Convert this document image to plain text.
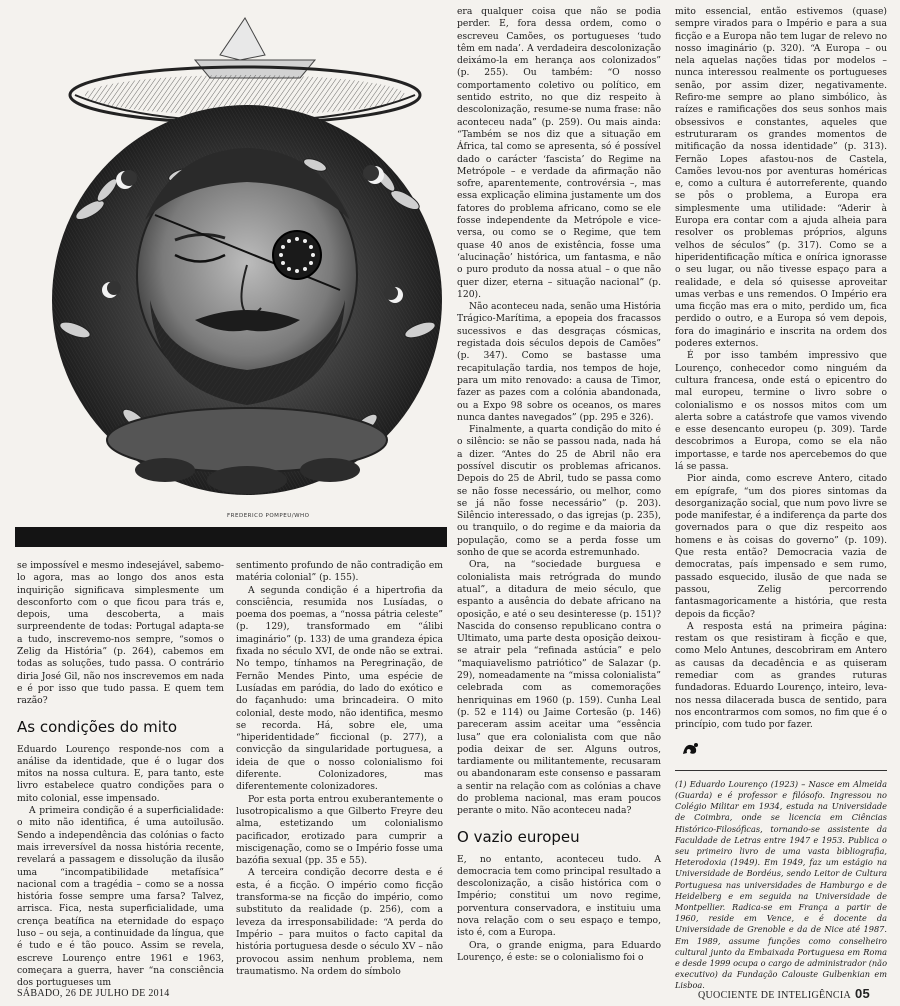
FREDERICO POMPEU/WHO

se impossível e mesmo indesejável, sabemo-lo agora, mas ao longo dos anos esta inquirição significava simplesmente um desconforto com o que ficou para trás e, depois, uma descoberta, a mais surpreendente de todas: Portugal adapta-se a tudo, inscrevemo-nos sempre, “somos o Zelig da História” (p. 264), cabemos em todas as soluções, tudo passa. O contrário diria José Gil, não nos inscrevemos em nada e é por isso que tudo passa. E quem tem razão?

As condições do mito

Eduardo Lourenço responde-nos com a análise da identidade, que é o lugar dos mitos na nossa cultura. E, para tanto, este livro estabelece quatro condições para o mito colonial, esse impensado.

A primeira condição é a superficialidade: o mito não identifica, é uma autoilusão. Sendo a independência das colónias o facto mais irreversível da nossa história recente, revelará a passagem e dissolução da ilusão uma “incompatibilidade metafísica” nacional com a tragédia – como se a nossa história fosse sempre uma farsa? Talvez, arrisca. Fica, nesta superficialidade, uma crença beatífica na eternidade do espaço luso – ou seja, a continuidade da língua, que é tudo e é tão pouco. Assim se revela, escreve Lourenço entre 1961 e 1963, começara a guerra, haver “na consciência dos portugueses um

sentimento profundo de não contradição em matéria colonial” (p. 155).

A segunda condição é a hipertrofia da consciência, resumida nos Lusíadas, o poema dos poemas, a “nossa pátria celeste” (p. 129), transformado em “álibi imaginário” (p. 133) de uma grandeza épica fixada no século XVI, de onde não se extrai. No tempo, tínhamos na Peregrinação, de Fernão Mendes Pinto, uma espécie de Lusíadas em paródia, do lado do exótico e do façanhudo: uma brincadeira. O mito colonial, deste modo, não identifica, mesmo se recorda. Há, sobre ele, uma “hiperidentidade” ficcional (p. 277), a convicção da singularidade portuguesa, a ideia de que o nosso colonialismo foi diferente. Colonizadores, mas diferentemente colonizadores.

Por esta porta entrou exuberantemente o lusotropicalismo a que Gilberto Freyre deu alma, estetizando um colonialismo pacificador, erotizado para cumprir a miscigenação, como se o Império fosse uma bazófia sexual (pp. 35 e 55).

A terceira condição decorre desta e é esta, é a ficção. O império como ficção transforma-se na ficção do império, como substituto da realidade (p. 256), com a leveza da irresponsabilidade: “A perda do Império – para muitos o facto capital da história portuguesa desde o século XV – não provocou assim nenhum problema, nem traumatismo. Na ordem do símbolo

era qualquer coisa que não se podia perder. E, fora dessa ordem, como o escreveu Camões, os portugueses ‘tudo têm em nada’. A verdadeira descolonização deixámo-la em herança aos colonizados” (p. 255). Ou também: “O nosso comportamento coletivo ou político, em sentido estrito, no que diz respeito à descolonização, resume-se numa frase: não aconteceu nada” (p. 259). Ou mais ainda: “Também se nos diz que a situação em África, tal como se apresenta, só é possível dado o carácter ‘fascista’ do Regime na Metrópole – e verdade da afirmação não sofre, aparentemente, controvérsia –, mas essa explicação elimina justamente um dos fatores do problema africano, como se ele fosse independente da Metrópole e vice-versa, ou como se o Regime, que tem quase 40 anos de existência, fosse uma ‘alucinação’ histórica, um fantasma, e não o puro produto da nossa atual – o que não quer dizer, eterna – situação nacional” (p. 120).

Não aconteceu nada, senão uma História Trágico-Marítima, a epopeia dos fracassos sucessivos e das desgraças cósmicas, registada dois séculos depois de Camões” (p. 347). Como se bastasse uma recapitulação tardia, nos tempos de hoje, para um mito renovado: a causa de Timor, fazer as pazes com a colónia abandonada, ou a Expo 98 sobre os oceanos, os mares nunca dantes navegados” (pp. 295 e 326).

Finalmente, a quarta condição do mito é o silêncio: se não se passou nada, nada há a dizer. “Antes do 25 de Abril não era possível discutir os problemas africanos. Depois do 25 de Abril, tudo se passa como se não fosse necessário, ou melhor, como se já não fosse necessário” (p. 203). Silêncio interessado, o das igrejas (p. 235), ou tranquilo, o do regime e da maioria da população, como se a perda fosse um sonho de que se acorda estremunhado.

Ora, na “sociedade burguesa e colonialista mais retrógrada do mundo atual”, a ditadura de meio século, que espanto a ausência do debate africano na oposição, e até o seu desinteresse (p. 151)? Nascida do consenso republicano contra o Ultimato, uma parte desta oposição deixou-se atrair pela “refinada astúcia” e pelo “maquiavelismo patriótico” de Salazar (p. 29), nomeadamente na “missa colonialista” celebrada com as comemorações henriquinas em 1960 (p. 159). Cunha Leal (p. 52 e 114) ou Jaime Cortesão (p. 146) pareceram assim aceitar uma “essência lusa” que era colonialista com que não podia deixar de ser. Alguns outros, tardiamente ou militantemente, recusaram ou abandonaram este consenso e passaram a sentir na relação com as colónias a chave do problema nacional, mas eram poucos perante o mito. Não aconteceu nada?

O vazio europeu

E, no entanto, aconteceu tudo. A democracia tem como principal resultado a descolonização, a cisão histórica com o Império; constitui um novo regime, porventura conservadora, e instituiu uma nova relação com o seu espaço e tempo, isto é, com a Europa.

Ora, o grande enigma, para Eduardo Lourenço, é este: se o colonialismo foi o

mito essencial, então estivemos (quase) sempre virados para o Império e para a sua ficção e a Europa não tem lugar de relevo no nosso imaginário (p. 320). “A Europa – ou nela aquelas nações tidas por modelos – nunca interessou realmente os portugueses senão, por assim dizer, negativamente. Refiro-me sempre ao plano simbólico, às raízes e ramificações dos seus sonhos mais obsessivos e constantes, aqueles que estruturaram os grandes momentos de mitificação da nossa identidade” (p. 313). Fernão Lopes afastou-nos de Castela, Camões levou-nos por aventuras homéricas e, como a cultura é autorreferente, quando se pôs o problema, a Europa era simplesmente uma utilidade: “Aderir à Europa era contar com a ajuda alheia para resolver os problemas próprios, alguns velhos de séculos” (p. 317). Como se a hiperidentificação mítica e onírica ignorasse o seu lugar, ou não tivesse espaço para a realidade, e dela só quisesse aproveitar umas verbas e uns remendos. O Império era uma ficção mas era o mito, perdido um, fica perdido o outro, e a Europa só vem depois, fora do imaginário e inscrita na ordem dos poderes externos.

É por isso também impressivo que Lourenço, conhecedor como ninguém da cultura francesa, onde está o epicentro do mal europeu, termine o livro sobre o colonialismo e os nossos mitos com um alerta sobre a catástrofe que vamos vivendo e esse desencanto europeu (p. 309). Tarde descobrimos a Europa, como se ela não importasse, e tarde nos apercebemos do que lá se passa.

Pior ainda, como escreve Antero, citado em epígrafe, “um dos piores sintomas da desorganização social, que num povo livre se pode manifestar, é a indiferença da parte dos governados para o que diz respeito aos homens e às coisas do governo” (p. 109). Que resta então? Democracia vazia de democratas, país impensado e sem rumo, passado esquecido, ilusão de que nada se passou, Zelig percorrendo fantasmagoricamente a história, que resta depois da ficção?

A resposta está na primeira página: restam os que resistiram à ficção e que, como Melo Antunes, descobriram em Antero as causas da decadência e as quiseram remediar com as grandes ruturas fundadoras. Eduardo Lourenço, inteiro, leva-nos nessa dilacerada busca de sentido, para nos encontrarmos com somos, no fim que é o princípio, com tudo por fazer.

(1) Eduardo Lourenço (1923) – Nasce em Almeida (Guarda) e é professor e filósofo. Ingressou no Colégio Militar em 1934, estuda na Universidade de Coimbra, onde se licencia em Ciências Histórico-Filosóficas, tornando-se assistente da Faculdade de Letras entre 1947 e 1953. Publica o seu primeiro livro de uma vasta bibliografia, Heterodoxia (1949). Em 1949, faz um estágio na Universidade de Bordéus, sendo Leitor de Cultura Portuguesa nas universidades de Hamburgo e de Heidelberg e em seguida na Universidade de Montpellier. Radica-se em França a partir de 1960, reside em Vence, e é docente da Universidade de Grenoble e da de Nice até 1987. Em 1989, assume funções como conselheiro cultural junto da Embaixada Portuguesa em Roma e desde 1999 ocupa o cargo de administrador (não executivo) da Fundação Calouste Gulbenkian em Lisboa.

SÁBADO, 26 DE JULHO DE 2014	QUOCIENTE DE INTELIGÊNCIA 05
